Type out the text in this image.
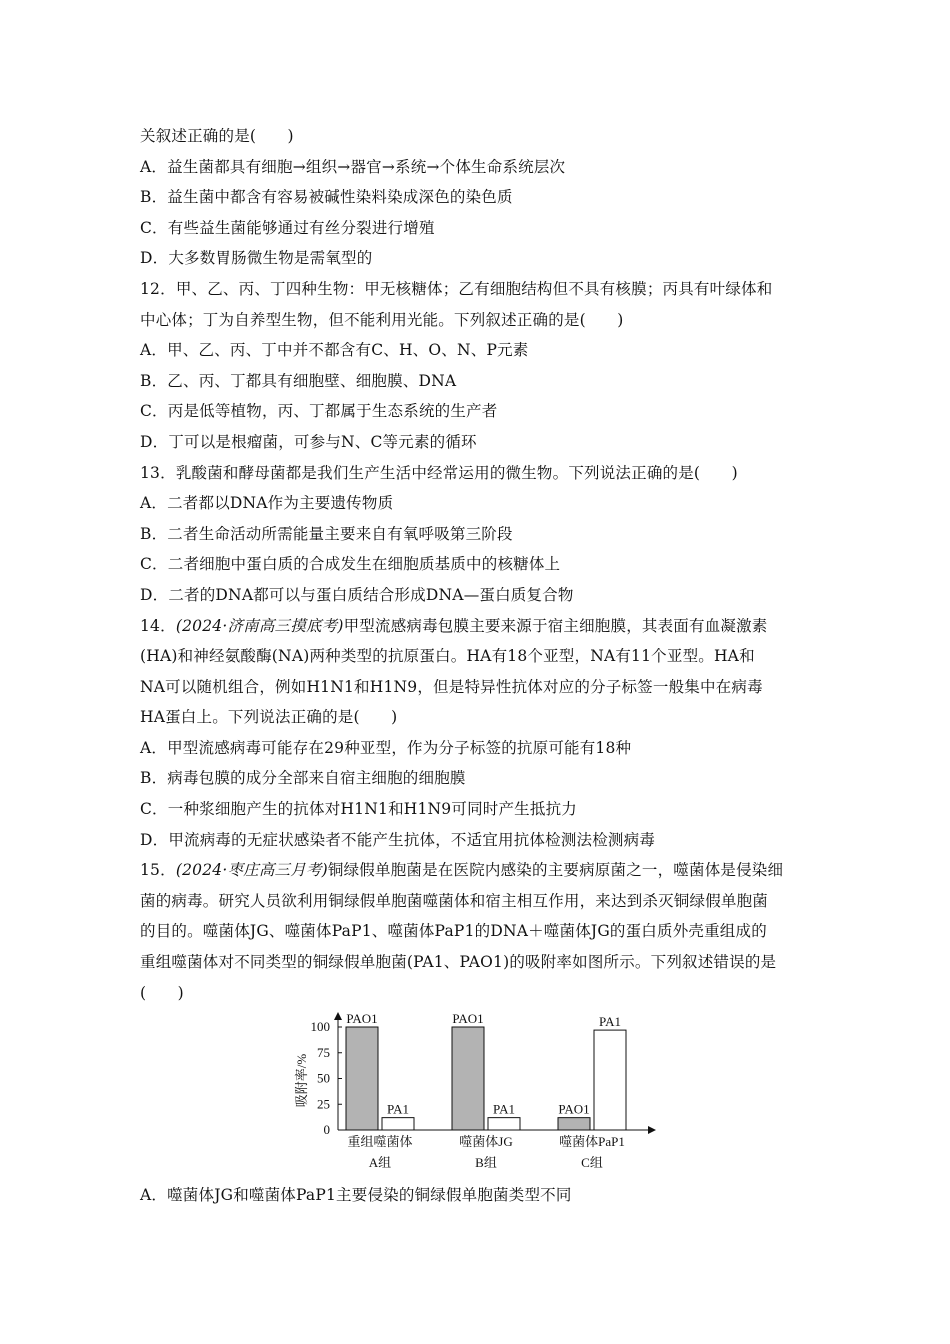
关叙述正确的是(　　)
A．益生菌都具有细胞→组织→器官→系统→个体生命系统层次
B．益生菌中都含有容易被碱性染料染成深色的染色质
C．有些益生菌能够通过有丝分裂进行增殖
D．大多数胃肠微生物是需氧型的
12．甲、乙、丙、丁四种生物：甲无核糖体；乙有细胞结构但不具有核膜；丙具有叶绿体和
中心体；丁为自养型生物，但不能利用光能。下列叙述正确的是(　　)
A．甲、乙、丙、丁中并不都含有C、H、O、N、P元素
B．乙、丙、丁都具有细胞壁、细胞膜、DNA
C．丙是低等植物，丙、丁都属于生态系统的生产者
D．丁可以是根瘤菌，可参与N、C等元素的循环
13．乳酸菌和酵母菌都是我们生产生活中经常运用的微生物。下列说法正确的是(　　)
A．二者都以DNA作为主要遗传物质
B．二者生命活动所需能量主要来自有氧呼吸第三阶段
C．二者细胞中蛋白质的合成发生在细胞质基质中的核糖体上
D．二者的DNA都可以与蛋白质结合形成DNA—蛋白质复合物
14．(2024·济南高三摸底考)甲型流感病毒包膜主要来源于宿主细胞膜，其表面有血凝激素
(HA)和神经氨酸酶(NA)两种类型的抗原蛋白。HA有18个亚型，NA有11个亚型。HA和
NA可以随机组合，例如H1N1和H1N9，但是特异性抗体对应的分子标签一般集中在病毒
HA蛋白上。下列说法正确的是(　　)
A．甲型流感病毒可能存在29种亚型，作为分子标签的抗原可能有18种
B．病毒包膜的成分全部来自宿主细胞的细胞膜
C．一种浆细胞产生的抗体对H1N1和H1N9可同时产生抵抗力
D．甲流病毒的无症状感染者不能产生抗体，不适宜用抗体检测法检测病毒
15．(2024·枣庄高三月考)铜绿假单胞菌是在医院内感染的主要病原菌之一，噬菌体是侵染细
菌的病毒。研究人员欲利用铜绿假单胞菌噬菌体和宿主相互作用，来达到杀灭铜绿假单胞菌
的目的。噬菌体JG、噬菌体PaP1、噬菌体PaP1的DNA＋噬菌体JG的蛋白质外壳重组成的
重组噬菌体对不同类型的铜绿假单胞菌(PA1、PAO1)的吸附率如图所示。下列叙述错误的是
(　　)
0
25
50
75
100
吸附率/%
PAO1
PA1
重组噬菌体
A组
PAO1
PA1
噬菌体JG
B组
PAO1
PA1
噬菌体PaP1
C组
A．噬菌体JG和噬菌体PaP1主要侵染的铜绿假单胞菌类型不同
